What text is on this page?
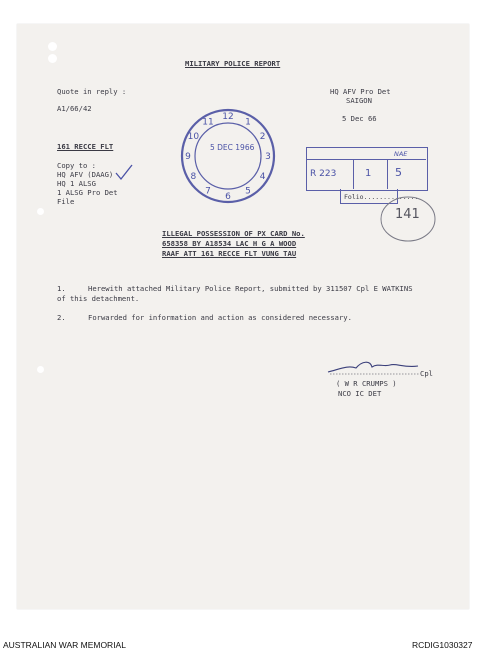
MILITARY POLICE REPORT
Quote in reply :
A1/66/42
HQ AFV Pro Det
SAIGON
5 Dec 66
161 RECCE FLT
Copy to :
HQ AFV (DAAG)
HQ 1 ALSG
1 ALSG Pro Det
File
12
1
2
3
4
5
6
7
8
9
10
11
5 DEC 1966
NAE
R 223	1 5
Folio..............
141
ILLEGAL POSSESSION OF PX CARD No.
658358 BY A18534 LAC H G A WOOD
RAAF ATT 161 RECCE FLT VUNG TAU
1.	Herewith attached Military Police Report, submitted by 311507 Cpl E WATKINS
of this detachment.
2.	Forwarded for information and action as considered necessary.
Cpl
( W R CRUMPS )
NCO IC DET
AUSTRALIAN WAR MEMORIAL	RCDIG1030327
